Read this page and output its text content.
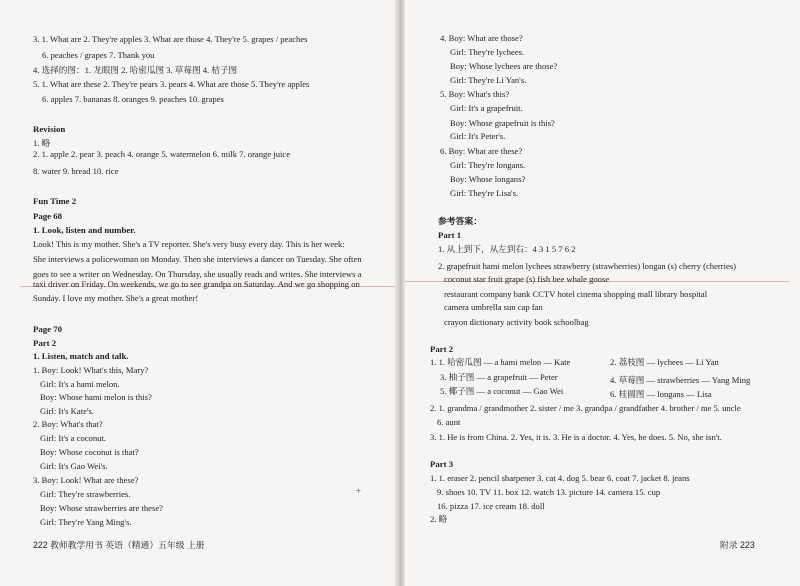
3. 1. What are 2. They're apples 3. What are those 4. They're 5. grapes / peaches
6. peaches / grapes 7. Thank you
4. 选择的图：1. 龙眼图 2. 哈密瓜图 3. 草莓图 4. 桔子图
5. 1. What are these 2. They're pears 3. pears 4. What are those 5. They're apples
6. apples 7. bananas 8. oranges 9. peaches 10. grapes
Revision
1. 略
2. 1. apple 2. pear 3. peach 4. orange 5. watermelon 6. milk 7. orange juice
8. water 9. bread 10. rice
Fun Time 2
Page 68
1. Look, listen and number.
Look! This is my mother. She's a TV reporter. She's very busy every day. This is her week:
She interviews a policewoman on Monday. Then she interviews a dancer on Tuesday. She often
goes to see a writer on Wednesday. On Thursday, she usually reads and writes. She interviews a
taxi driver on Friday. On weekends, we go to see grandpa on Saturday. And we go shopping on
Sunday. I love my mother. She's a great mother!
Page 70
Part 2
1. Listen, match and talk.
1. Boy: Look! What's this, Mary?
Girl: It's a hami melon.
Boy: Whose hami melon is this?
Girl: It's Kate's.
2. Boy: What's that?
Girl: It's a coconut.
Boy: Whose coconut is that?
Girl: It's Gao Wei's.
3. Boy: Look! What are these?
Girl: They're strawberries.
Boy: Whose strawberries are these?
Girl: They're Yang Ming's.
4. Boy: What are those?
Girl: They're lychees.
Boy: Whose lychees are those?
Girl: They're Li Yan's.
5. Boy: What's this?
Girl: It's a grapefruit.
Boy: Whose grapefruit is this?
Girl: It's Peter's.
6. Boy: What are these?
Girl: They're longans.
Boy: Whose longans?
Girl: They're Lisa's.
参考答案：
Part 1
1. 从上到下，从左到右：4 3 1 5 7 6 2
2. grapefruit hami melon lychees strawberry (strawberries) longan (s) cherry (cherries)
coconut star fruit grape (s) fish bee whale goose
restaurant company bank CCTV hotel cinema shopping mall library hospital
camera umbrella sun cap fan
crayon dictionary activity book schoolbag
Part 2
1. 1. 哈密瓜图 — a hami melon — Kate	2. 荔枝图 — lychees — Li Yan
3. 柚子图 — a grapefruit — Peter	4. 草莓图 — strawberries — Yang Ming
5. 椰子图 — a coconut — Gao Wei	6. 桂圆图 — longans — Lisa
2. 1. grandma / grandmother 2. sister / me 3. grandpa / grandfather 4. brother / me 5. uncle
6. aunt
3. 1. He is from China. 2. Yes, it is. 3. He is a doctor. 4. Yes, he does. 5. No, she isn't.
Part 3
1. 1. eraser 2. pencil sharpener 3. cat 4. dog 5. bear 6. coat 7. jacket 8. jeans
9. shoes 10. TV 11. box 12. watch 13. picture 14. camera 15. cup
16. pizza 17. ice cream 18. doll
2. 略
222 教师教学用书 英语（精通）五年级 上册	附录 223
+
